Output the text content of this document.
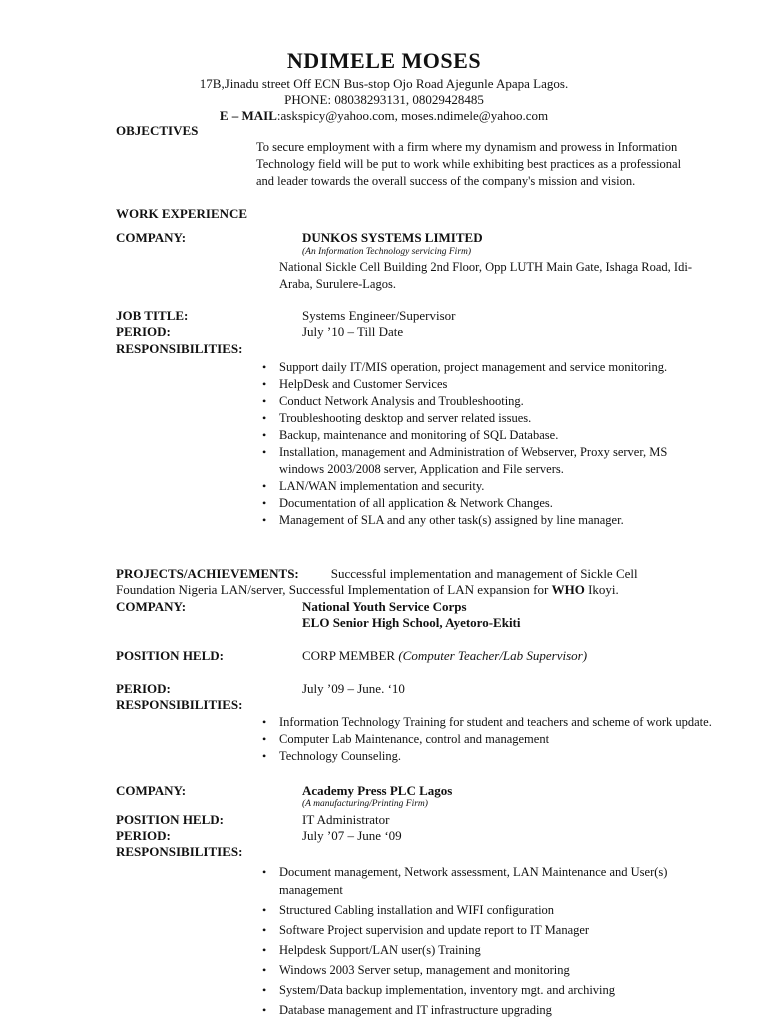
NDIMELE MOSES
17B,Jinadu street Off ECN Bus-stop Ojo Road Ajegunle Apapa Lagos.
PHONE: 08038293131, 08029428485
E – MAIL:askspicy@yahoo.com, moses.ndimele@yahoo.com
OBJECTIVES
To secure employment with a firm where my dynamism and prowess in Information Technology field will be put to work while exhibiting best practices as a professional and leader towards the overall success of the company's mission and vision.
WORK EXPERIENCE
COMPANY:	DUNKOS SYSTEMS LIMITED
(An Information Technology servicing Firm)
National Sickle Cell Building 2nd Floor, Opp LUTH Main Gate, Ishaga Road, Idi-Araba, Surulere-Lagos.
JOB TITLE:	Systems Engineer/Supervisor
PERIOD:	July ’10 – Till Date
RESPONSIBILITIES:
• Support daily IT/MIS operation, project management and service monitoring.
• HelpDesk and Customer Services
• Conduct Network Analysis and Troubleshooting.
• Troubleshooting desktop and server related issues.
• Backup, maintenance and monitoring of SQL Database.
• Installation, management and Administration of Webserver, Proxy server, MS windows 2003/2008 server, Application and File servers.
• LAN/WAN implementation and security.
• Documentation of all application & Network Changes.
• Management of SLA and any other task(s) assigned by line manager.
PROJECTS/ACHIEVEMENTS: Successful implementation and management of Sickle Cell
Foundation Nigeria LAN/server, Successful Implementation of LAN expansion for WHO Ikoyi.
COMPANY:	National Youth Service Corps
ELO Senior High School, Ayetoro-Ekiti
POSITION HELD:	CORP MEMBER (Computer Teacher/Lab Supervisor)
PERIOD:	July ’09 – June. ‘10
RESPONSIBILITIES:
• Information Technology Training for student and teachers and scheme of work update.
• Computer Lab Maintenance, control and management
• Technology Counseling.
COMPANY:	Academy Press PLC Lagos
(A manufacturing/Printing Firm)
POSITION HELD:	IT Administrator
PERIOD:	July ’07 – June ‘09
RESPONSIBILITIES:
• Document management, Network assessment, LAN Maintenance and User(s) management
• Structured Cabling installation and WIFI configuration
• Software Project supervision and update report to IT Manager
• Helpdesk Support/LAN user(s) Training
• Windows 2003 Server setup, management and monitoring
• System/Data backup implementation, inventory mgt. and archiving
• Database management and IT infrastructure upgrading
